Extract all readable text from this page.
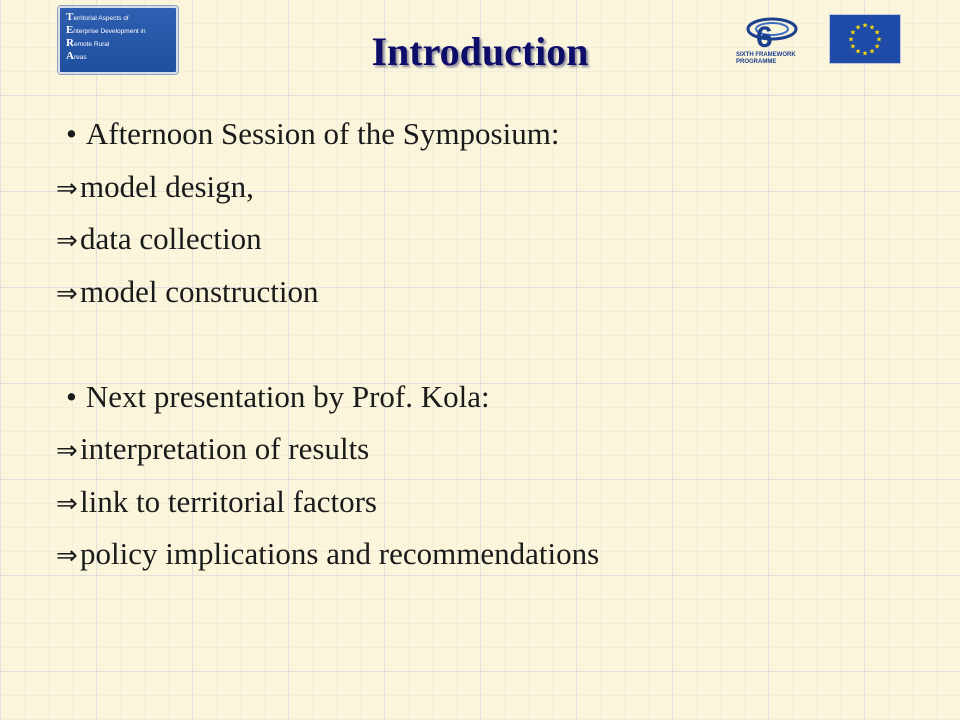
Territorial Aspects of
Enterprise Development in
Remote Rural
Areas	Introduction	6
SIXTH FRAMEWORK
PROGRAMME
★
★
★
★
★
★
★
★
★ ★ ★
★
• Afternoon Session of the Symposium:
⇒model design,
⇒data collection
⇒model construction
• Next presentation by Prof. Kola:
⇒interpretation of results
⇒link to territorial factors
⇒policy implications and recommendations
